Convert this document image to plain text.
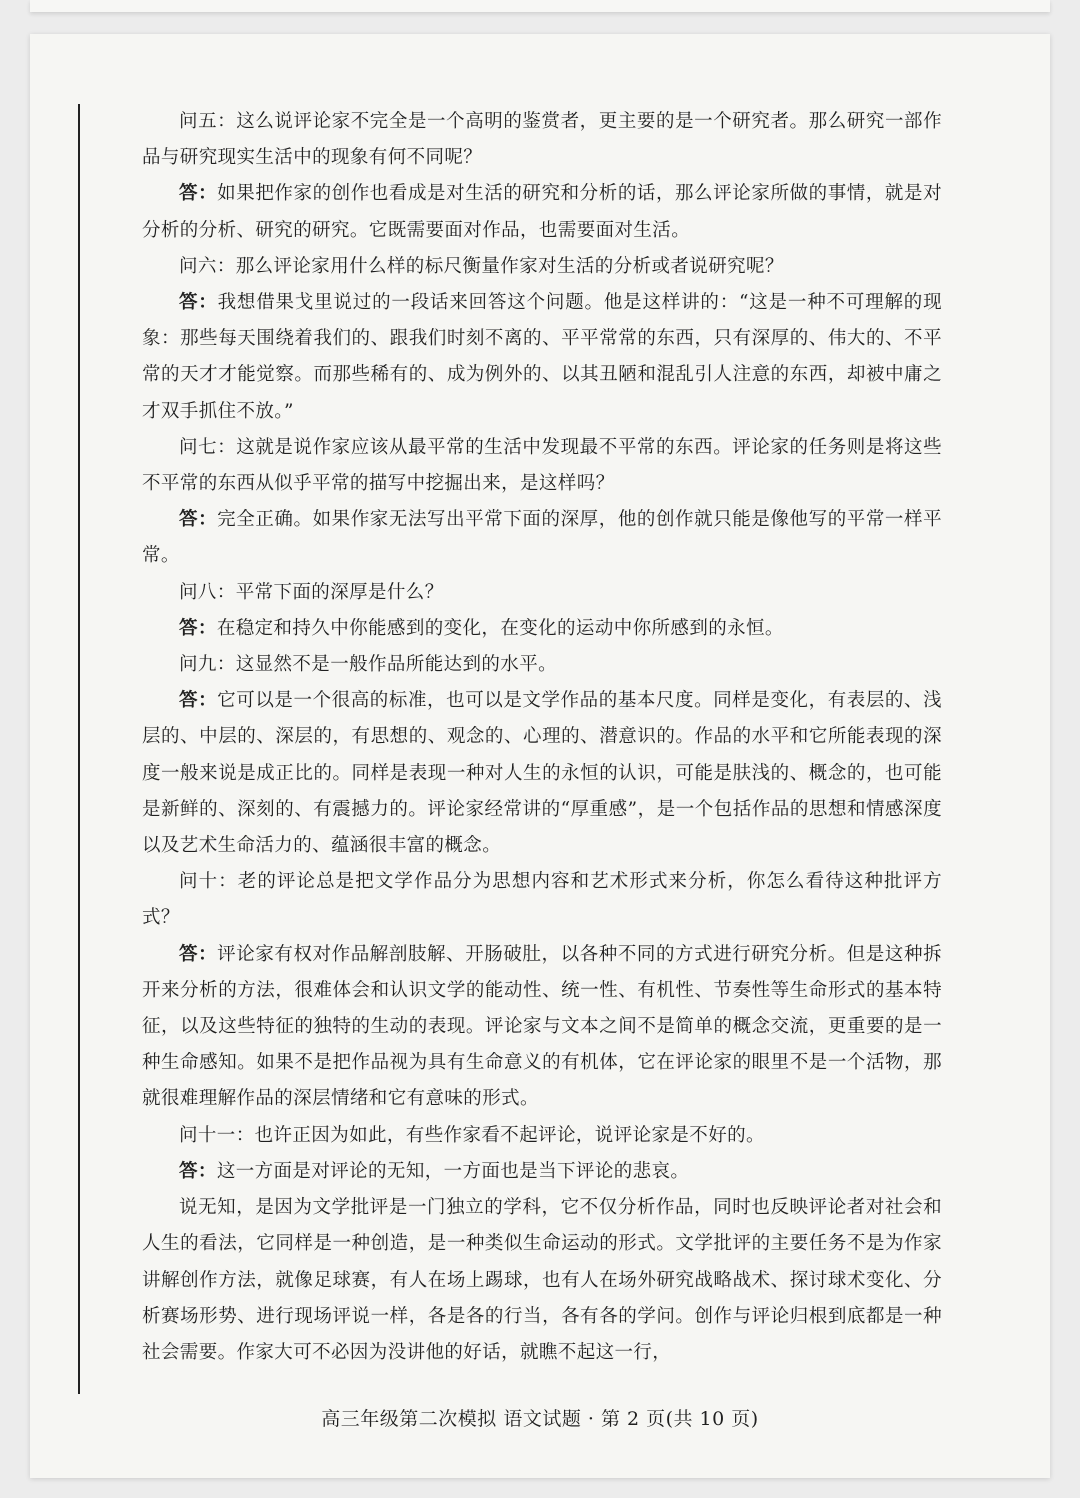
问五：这么说评论家不完全是一个高明的鉴赏者，更主要的是一个研究者。那么研究一部作品与研究现实生活中的现象有何不同呢？

答：如果把作家的创作也看成是对生活的研究和分析的话，那么评论家所做的事情，就是对分析的分析、研究的研究。它既需要面对作品，也需要面对生活。

问六：那么评论家用什么样的标尺衡量作家对生活的分析或者说研究呢？

答：我想借果戈里说过的一段话来回答这个问题。他是这样讲的：“这是一种不可理解的现象：那些每天围绕着我们的、跟我们时刻不离的、平平常常的东西，只有深厚的、伟大的、不平常的天才才能觉察。而那些稀有的、成为例外的、以其丑陋和混乱引人注意的东西，却被中庸之才双手抓住不放。”

问七：这就是说作家应该从最平常的生活中发现最不平常的东西。评论家的任务则是将这些不平常的东西从似乎平常的描写中挖掘出来，是这样吗？

答：完全正确。如果作家无法写出平常下面的深厚，他的创作就只能是像他写的平常一样平常。

问八：平常下面的深厚是什么？

答：在稳定和持久中你能感到的变化，在变化的运动中你所感到的永恒。

问九：这显然不是一般作品所能达到的水平。

答：它可以是一个很高的标准，也可以是文学作品的基本尺度。同样是变化，有表层的、浅层的、中层的、深层的，有思想的、观念的、心理的、潜意识的。作品的水平和它所能表现的深度一般来说是成正比的。同样是表现一种对人生的永恒的认识，可能是肤浅的、概念的，也可能是新鲜的、深刻的、有震撼力的。评论家经常讲的“厚重感”，是一个包括作品的思想和情感深度以及艺术生命活力的、蕴涵很丰富的概念。

问十：老的评论总是把文学作品分为思想内容和艺术形式来分析，你怎么看待这种批评方式？

答：评论家有权对作品解剖肢解、开肠破肚，以各种不同的方式进行研究分析。但是这种拆开来分析的方法，很难体会和认识文学的能动性、统一性、有机性、节奏性等生命形式的基本特征，以及这些特征的独特的生动的表现。评论家与文本之间不是简单的概念交流，更重要的是一种生命感知。如果不是把作品视为具有生命意义的有机体，它在评论家的眼里不是一个活物，那就很难理解作品的深层情绪和它有意味的形式。

问十一：也许正因为如此，有些作家看不起评论，说评论家是不好的。

答：这一方面是对评论的无知，一方面也是当下评论的悲哀。

说无知，是因为文学批评是一门独立的学科，它不仅分析作品，同时也反映评论者对社会和人生的看法，它同样是一种创造，是一种类似生命运动的形式。文学批评的主要任务不是为作家讲解创作方法，就像足球赛，有人在场上踢球，也有人在场外研究战略战术、探讨球术变化、分析赛场形势、进行现场评说一样，各是各的行当，各有各的学问。创作与评论归根到底都是一种社会需要。作家大可不必因为没讲他的好话，就瞧不起这一行，

高三年级第二次模拟 语文试题 · 第 2 页(共 10 页)
